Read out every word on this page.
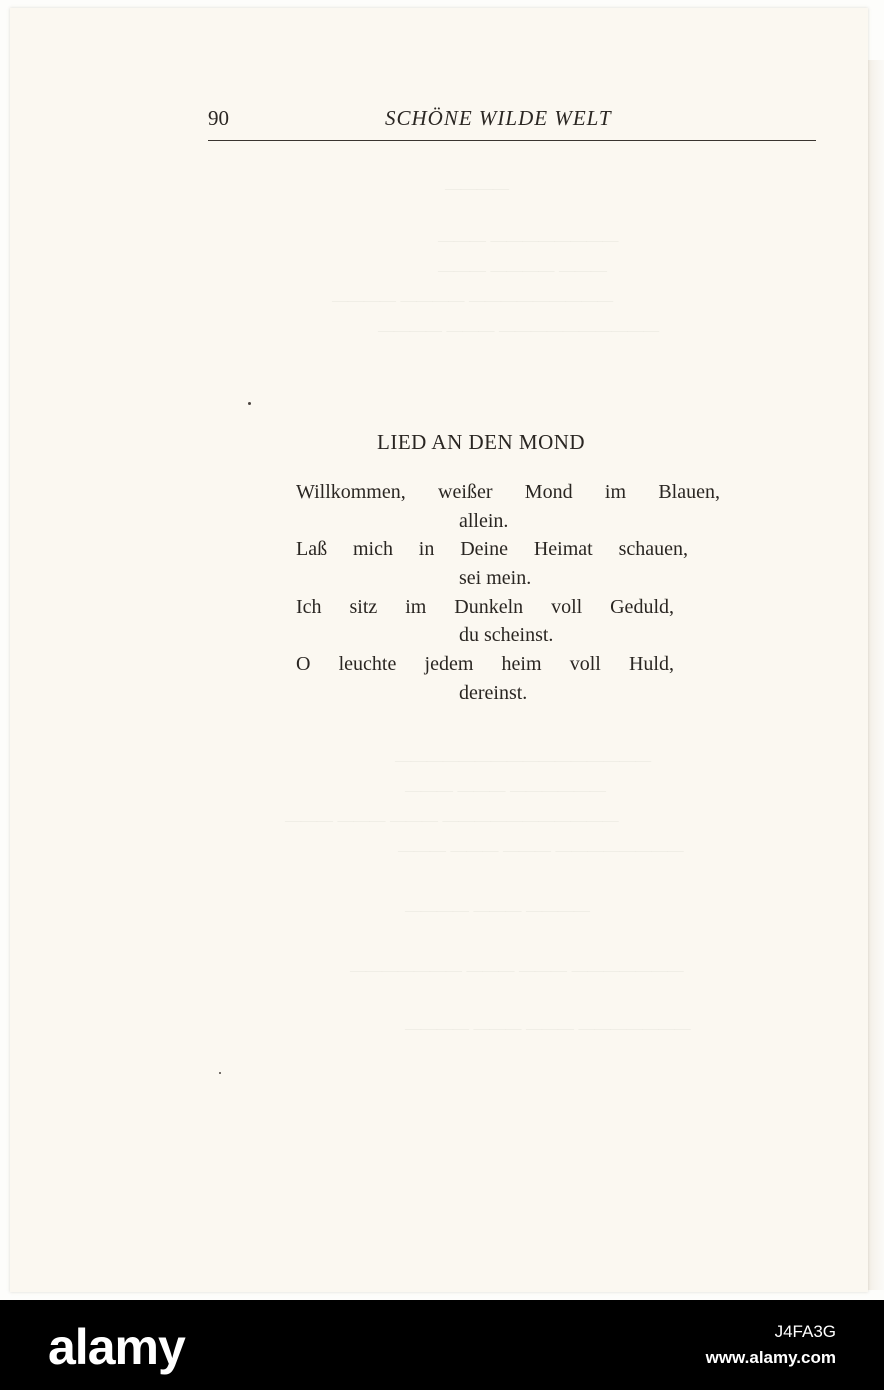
————
——— ————————
——— ———— ———
———— ———— —————————
———— ——— ——————————
————————————————
——— ——— ——————
——— ——— ——— ———————————
——— ——— ——— ————————
———— ——— ————
——————— ——— ——— ———————
———— ——— ——— ———————
90	SCHÖNE WILDE WELT
LIED AN DEN MOND
Willkommen, weißer Mond im Blauen,
allein.
Laß mich in Deine Heimat schauen,
sei mein.
Ich sitz im Dunkeln voll Geduld,
du scheinst.
O leuchte jedem heim voll Huld,
dereinst.
alamy	J4FA3G
www.alamy.com
